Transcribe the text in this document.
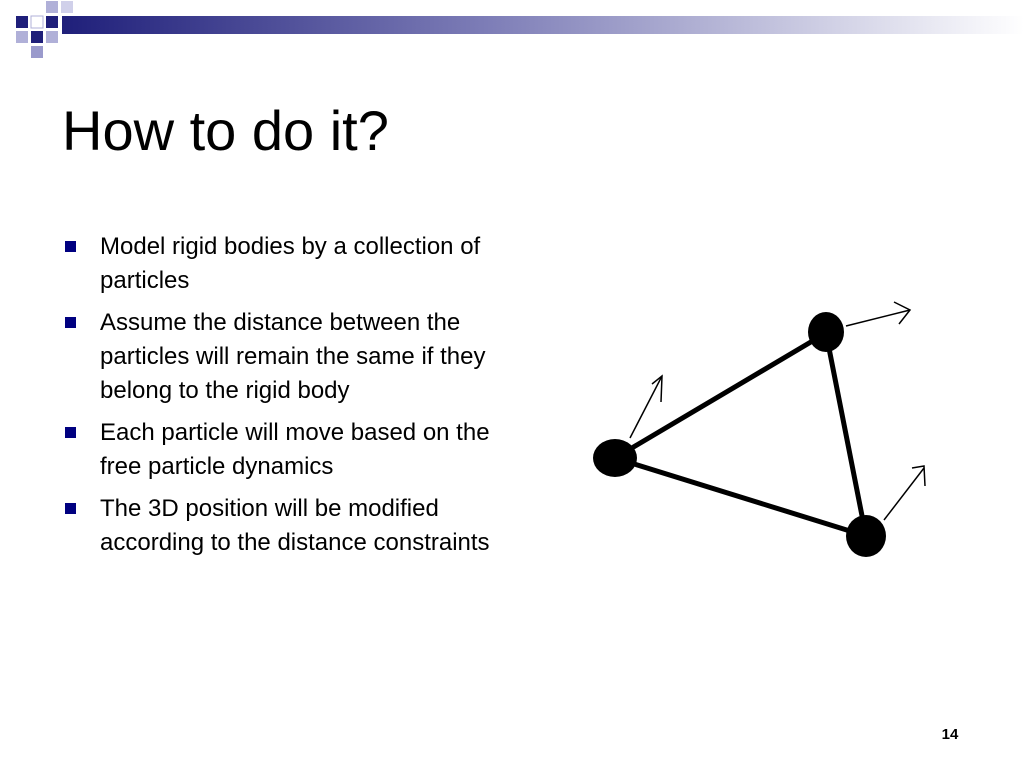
How to do it?
Model rigid bodies by a collection of particles
Assume the distance between the particles will remain the same if they belong to the rigid body
Each particle will move based on the free particle dynamics
The 3D position will be modified according to the distance constraints
14
